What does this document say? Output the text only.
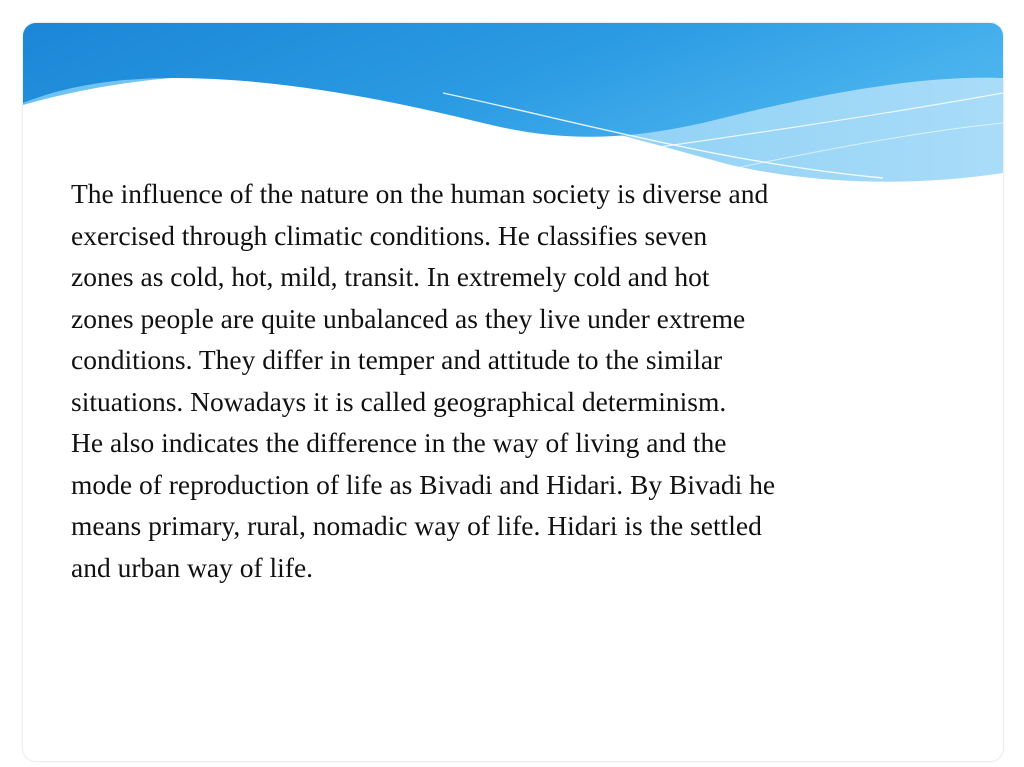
The influence of the nature on the human society is diverse and
exercised through climatic conditions. He classifies seven
zones as cold, hot, mild, transit. In extremely cold and hot
zones people are quite unbalanced as they live under extreme
conditions. They differ in temper and attitude to the similar
situations. Nowadays it is called geographical determinism.
He also indicates the difference in the way of living and the
mode of reproduction of life as Bivadi and Hidari. By Bivadi he
means primary, rural, nomadic way of life. Hidari is the settled
and urban way of life.
